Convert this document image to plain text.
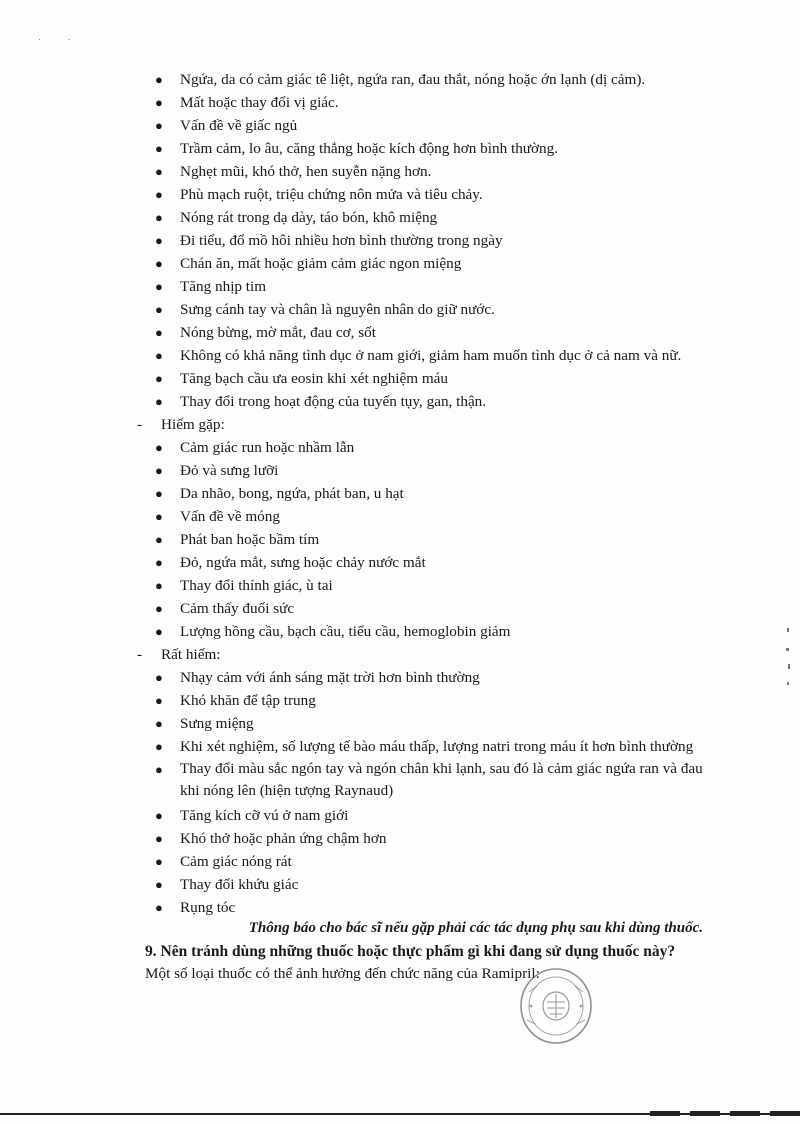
˙˙
● Ngứa, da có cảm giác tê liệt, ngứa ran, đau thắt, nóng hoặc ớn lạnh (dị cảm).
● Mất hoặc thay đổi vị giác.
● Vấn đề về giấc ngủ
● Trầm cảm, lo âu, căng thẳng hoặc kích động hơn bình thường.
● Nghẹt mũi, khó thở, hen suyễn nặng hơn.
● Phù mạch ruột, triệu chứng nôn mửa và tiêu chảy.
● Nóng rát trong dạ dày, táo bón, khô miệng
● Đi tiểu, đổ mồ hôi nhiều hơn bình thường trong ngày
● Chán ăn, mất hoặc giảm cảm giác ngon miệng
● Tăng nhịp tim
● Sưng cánh tay và chân là nguyên nhân do giữ nước.
● Nóng bừng, mờ mắt, đau cơ, sốt
● Không có khả năng tình dục ở nam giới, giảm ham muốn tình dục ở cả nam và nữ.
● Tăng bạch cầu ưa eosin khi xét nghiệm máu
● Thay đổi trong hoạt động của tuyến tụy, gan, thận.
- Hiếm gặp:
● Cảm giác run hoặc nhầm lẫn
● Đỏ và sưng lưỡi
● Da nhão, bong, ngứa, phát ban, u hạt
● Vấn đề về móng
● Phát ban hoặc bầm tím
● Đỏ, ngứa mắt, sưng hoặc chảy nước mắt
● Thay đổi thính giác, ù tai
● Cảm thấy đuối sức
● Lượng hồng cầu, bạch cầu, tiểu cầu, hemoglobin giảm
- Rất hiếm:
● Nhạy cảm với ánh sáng mặt trời hơn bình thường
● Khó khăn để tập trung
● Sưng miệng
● Khi xét nghiệm, số lượng tế bào máu thấp, lượng natri trong máu ít hơn bình thường
● Thay đổi màu sắc ngón tay và ngón chân khi lạnh, sau đó là cảm giác ngứa ran và đau khi nóng lên (hiện tượng Raynaud)
● Tăng kích cỡ vú ở nam giới
● Khó thở hoặc phản ứng chậm hơn
● Cảm giác nóng rát
● Thay đổi khứu giác
● Rụng tóc
Thông báo cho bác sĩ nếu gặp phải các tác dụng phụ sau khi dùng thuốc.
9. Nên tránh dùng những thuốc hoặc thực phẩm gì khi đang sử dụng thuốc này?
Một số loại thuốc có thể ảnh hưởng đến chức năng của Ramipril:
